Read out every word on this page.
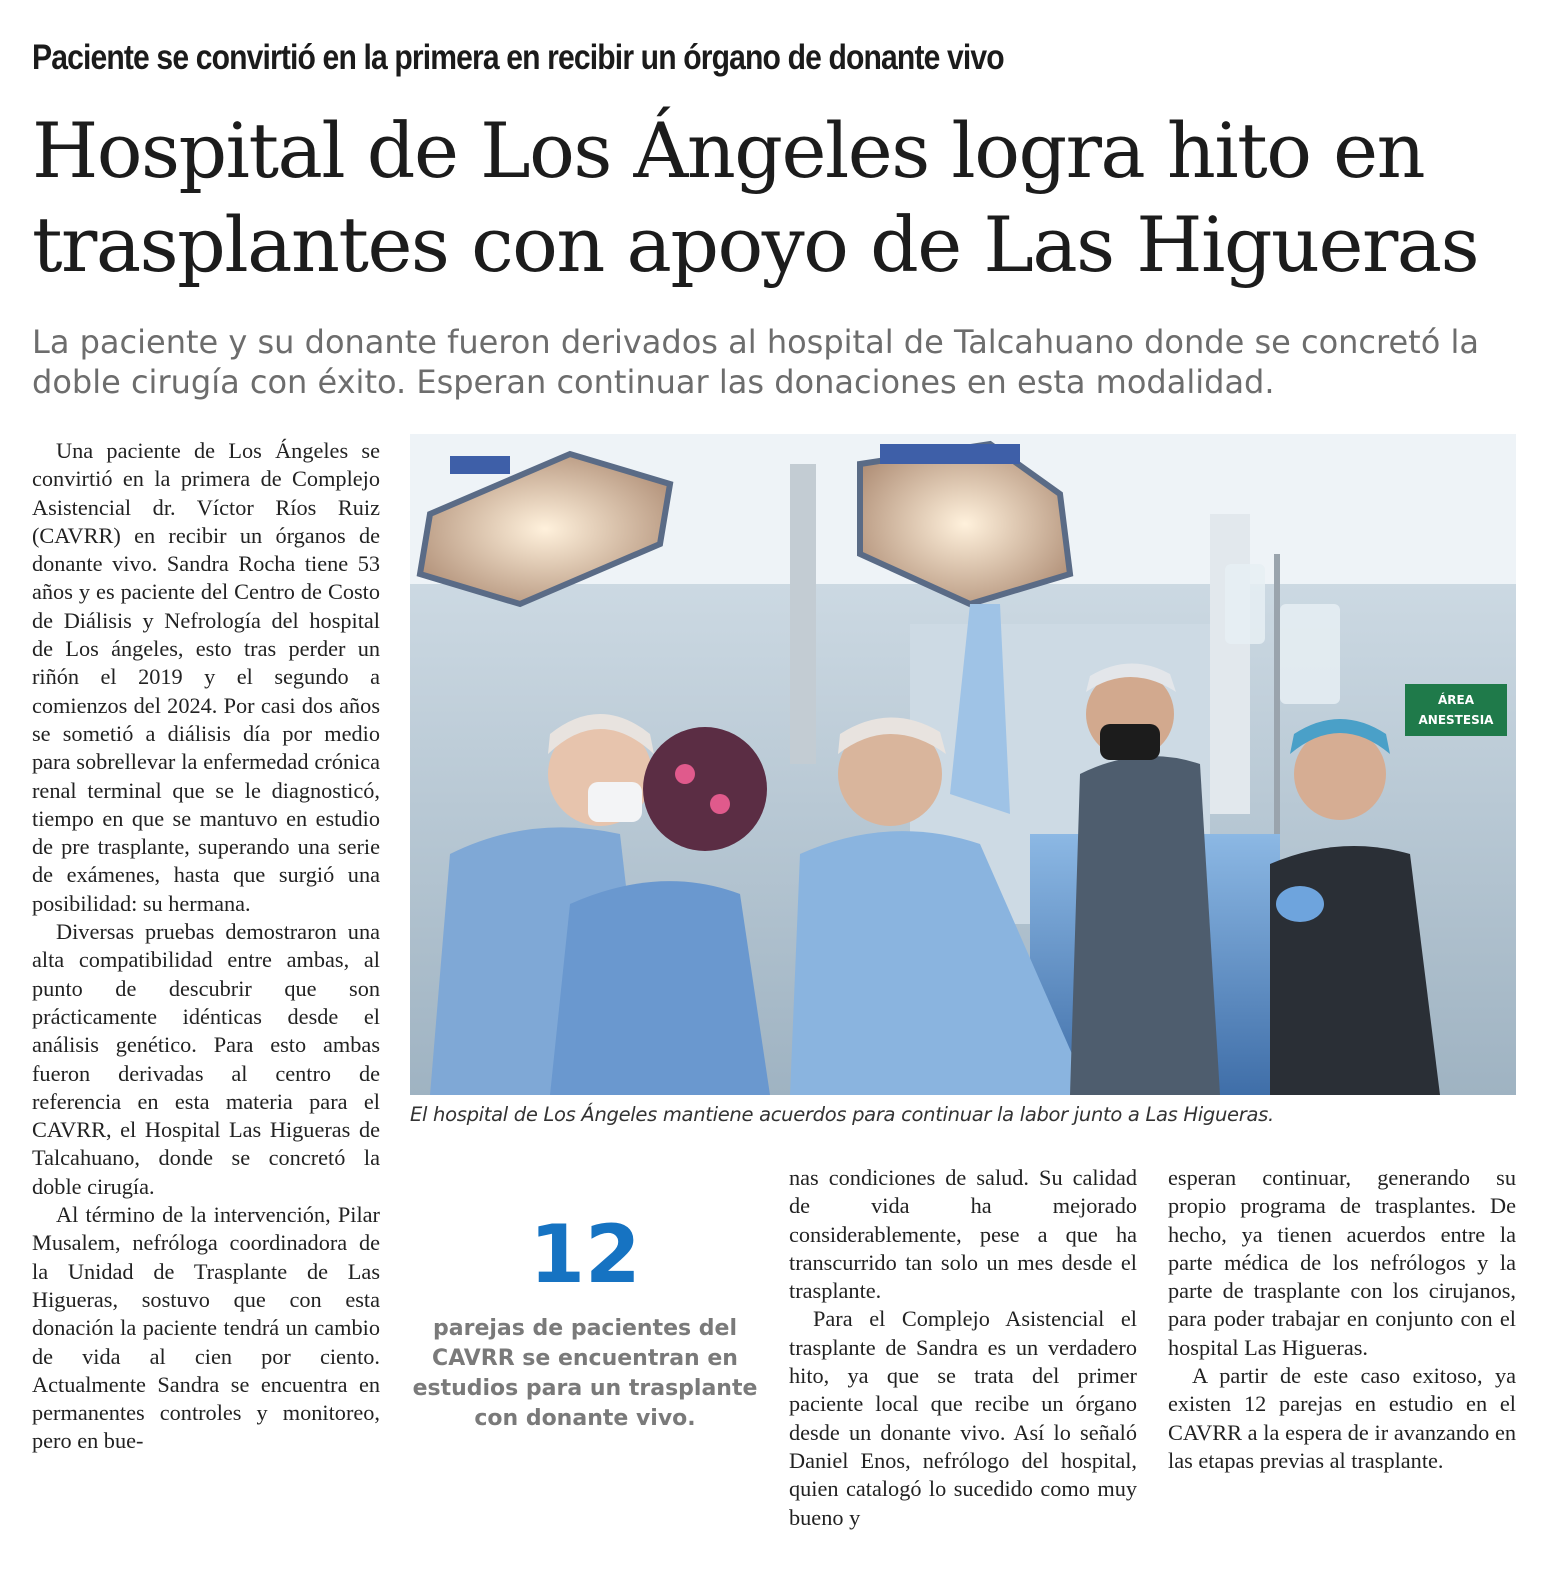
Paciente se convirtió en la primera en recibir un órgano de donante vivo
Hospital de Los Ángeles logra hito en
trasplantes con apoyo de Las Higueras
La paciente y su donante fueron derivados al hospital de Talcahuano donde se concretó la
doble cirugía con éxito. Esperan continuar las donaciones en esta modalidad.

Una paciente de Los Ángeles se convirtió en la primera de Complejo Asistencial dr. Víctor Ríos Ruiz (CAVRR) en recibir un órganos de donante vivo. Sandra Rocha tiene 53 años y es paciente del Centro de Costo de Diálisis y Nefrología del hospital de Los ángeles, esto tras perder un riñón el 2019 y el segundo a comienzos del 2024. Por casi dos años se sometió a diálisis día por medio para sobrellevar la enfermedad crónica renal terminal que se le diagnosticó, tiempo en que se mantuvo en estudio de pre trasplante, superando una serie de exámenes, hasta que surgió una posibilidad: su hermana.

Diversas pruebas demostraron una alta compatibilidad entre ambas, al punto de descubrir que son prácticamente idénticas desde el análisis genético. Para esto ambas fueron derivadas al centro de referencia en esta materia para el CAVRR, el Hospital Las Higueras de Talcahuano, donde se concretó la doble cirugía.

Al término de la intervención, Pilar Musalem, nefróloga coordinadora de la Unidad de Trasplante de Las Higueras, sostuvo que con esta donación la paciente tendrá un cambio de vida al cien por ciento. Actualmente Sandra se encuentra en permanentes controles y monitoreo, pero en bue-

ÁREA
ANESTESIA
El hospital de Los Ángeles mantiene acuerdos para continuar la labor junto a Las Higueras.
12
parejas de pacientes del CAVRR se encuentran en estudios para un trasplante con donante vivo.

nas condiciones de salud. Su calidad de vida ha mejorado considerablemente, pese a que ha transcurrido tan solo un mes desde el trasplante.

Para el Complejo Asistencial el trasplante de Sandra es un verdadero hito, ya que se trata del primer paciente local que recibe un órgano desde un donante vivo. Así lo señaló Daniel Enos, nefrólogo del hospital, quien catalogó lo sucedido como muy bueno y

esperan continuar, generando su propio programa de trasplantes. De hecho, ya tienen acuerdos entre la parte médica de los nefrólogos y la parte de trasplante con los cirujanos, para poder trabajar en conjunto con el hospital Las Higueras.

A partir de este caso exitoso, ya existen 12 parejas en estudio en el CAVRR a la espera de ir avanzando en las etapas previas al trasplante.
